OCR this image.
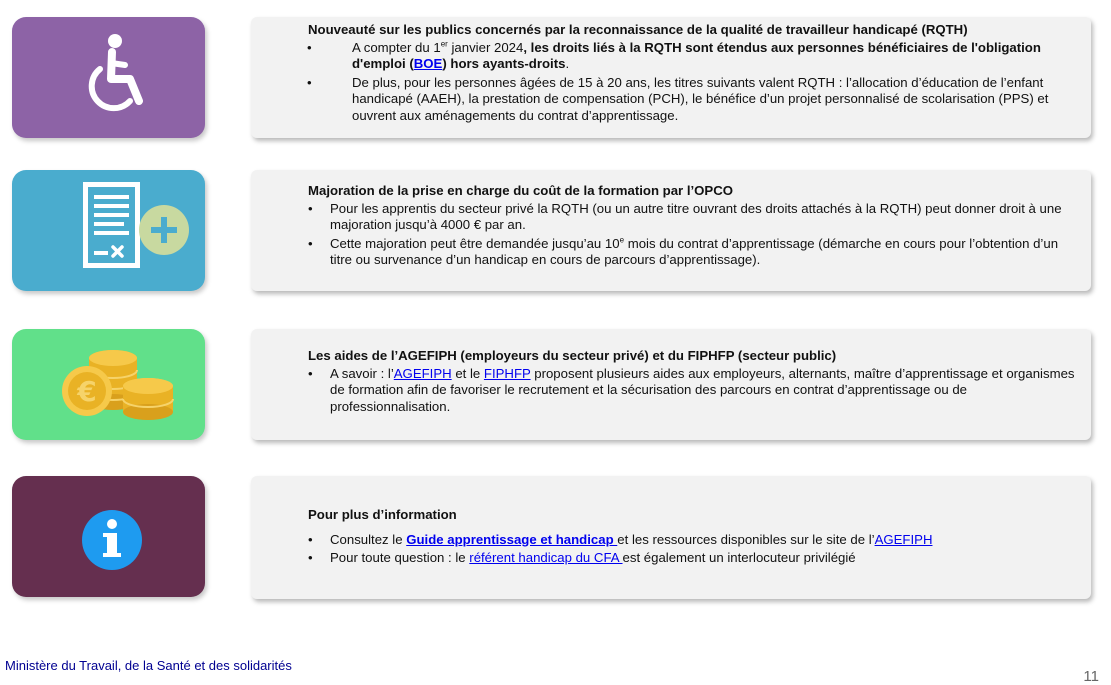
Nouveauté sur les publics concernés par la reconnaissance de la qualité de travailleur handicapé (RQTH)
• A compter du 1er janvier 2024, les droits liés à la RQTH sont étendus aux personnes bénéficiaires de l'obligation d'emploi (BOE) hors ayants-droits.
• De plus, pour les personnes âgées de 15 à 20 ans, les titres suivants valent RQTH : l’allocation d’éducation de l’enfant handicapé (AAEH), la prestation de compensation (PCH), le bénéfice d’un projet personnalisé de scolarisation (PPS) et ouvrent aux aménagements du contrat d’apprentissage.
Majoration de la prise en charge du coût de la formation par l’OPCO
• Pour les apprentis du secteur privé la RQTH (ou un autre titre ouvrant des droits attachés à la RQTH) peut donner droit à une majoration jusqu’à 4000 € par an.
• Cette majoration peut être demandée jusqu’au 10e mois du contrat d’apprentissage (démarche en cours pour l’obtention d’un titre ou survenance d’un handicap en cours de parcours d’apprentissage).
€
Les aides de l’AGEFIPH (employeurs du secteur privé) et du FIPHFP (secteur public)
• A savoir : l’AGEFIPH et le FIPHFP proposent plusieurs aides aux employeurs, alternants, maître d’apprentissage et organismes de formation afin de favoriser le recrutement et la sécurisation des parcours en contrat d’apprentissage ou de professionnalisation.
Pour plus d’information
• Consultez le Guide apprentissage et handicap et les ressources disponibles sur le site de l’AGEFIPH
• Pour toute question : le référent handicap du CFA est également un interlocuteur privilégié
Ministère du Travail, de la Santé et des solidarités
11
